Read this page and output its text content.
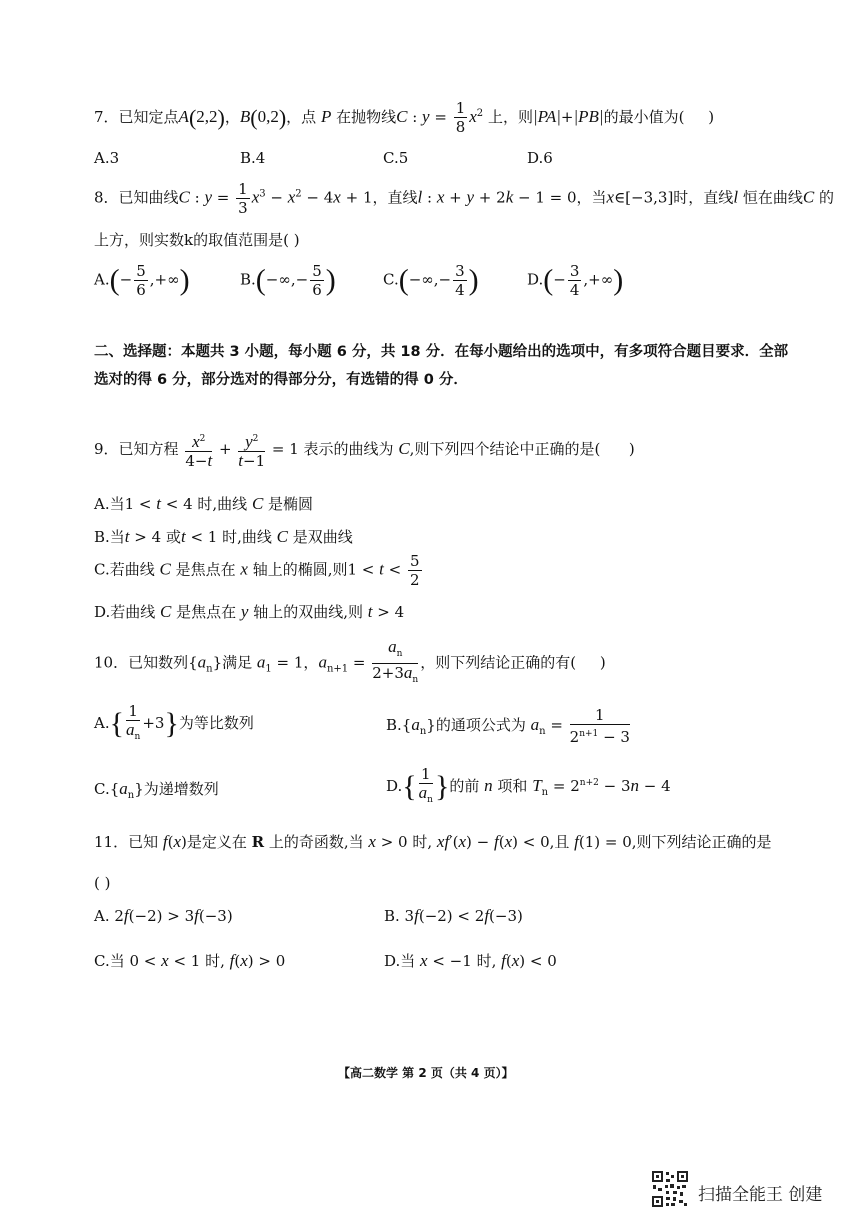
7．已知定点A(2,2)，B(0,2)，点 P 在抛物线C : $y = \frac{1}{8} x^2$ 上，则|PA|+|PB|的最小值为(     )
A.3	B.4	C.5	D.6
8．已知曲线C : $y = \frac{1}{3} x^3 - x^2 - 4x + 1$，直线l : x + y + 2k − 1 = 0，当x∈[−3,3]时，直线l 恒在曲线C 的
上方，则实数k的取值范围是( )
$A.(- \frac{5}{6}$ ,+∞)	$B.(-\infty,- \frac{5}{6}$ )	$C.(-\infty,- \frac{3}{4}$ )	$D.(- \frac{3}{4}$ ,+∞)
二、选择题：本题共 3 小题，每小题 6 分，共 18 分．在每小题给出的选项中，有多项符合题目要求．全部
选对的得 6 分，部分选对的得部分分，有选错的得 0 分．
9．已知方程 $\frac{x^2}{4-t} + \frac{y^2}{t-1} = 1$ 表示的曲线为 C,则下列四个结论中正确的是(      )
A.当1 < t < 4 时,曲线 C 是椭圆
B.当t > 4 或t < 1 时,曲线 C 是双曲线
C.若曲线 C 是焦点在 x 轴上的椭圆,则$1 < t < \frac{5}{2}$
D.若曲线 C 是焦点在 y 轴上的双曲线,则 t > 4
10．已知数列$\{a_n\}$满足 $a_1 = 1$，$a_{n+1} = \frac{a_n}{2+3a_n}$ ，则下列结论正确的有(     )
$A.\{ \frac{1}{a_n} +3\}$为等比数列	$B.\{a_n\}$的通项公式为 $a_n = \frac{1}{2^{n+1} - 3}$
$C.\{a_n\}$为递增数列	$D.\{ \frac{1}{a_n}$ }的前 n 项和 $T_n = 2^{n+2} - 3n - 4$
11．已知 f(x)是定义在 R 上的奇函数,当 x > 0 时, xf′(x) − f(x) < 0,且 f(1) = 0,则下列结论正确的是
( )
A. 2f(−2) > 3f(−3)	B. 3f(−2) < 2f(−3)
C.当 0 < x < 1 时, f(x) > 0	D.当 x < −1 时, f(x) < 0
【高二数学 第 2 页（共 4 页）】
扫描全能王 创建
